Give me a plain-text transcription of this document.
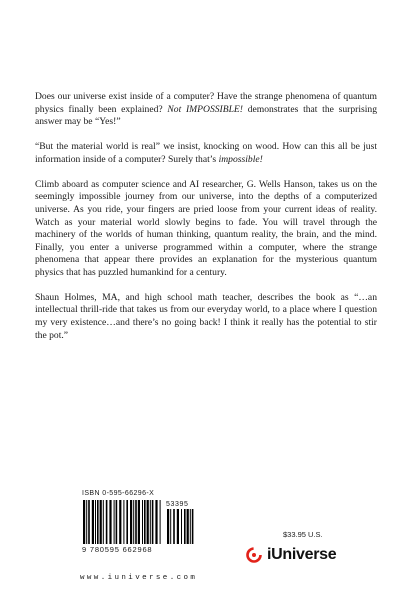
Does our universe exist inside of a computer? Have the strange phenomena of quantum physics finally been explained? Not IMPOSSIBLE! demonstrates that the surprising answer may be “Yes!”

“But the material world is real” we insist, knocking on wood. How can this all be just information inside of a computer? Surely that’s impossible!

Climb aboard as computer science and AI researcher, G. Wells Hanson, takes us on the seemingly impossible journey from our universe, into the depths of a computerized universe. As you ride, your fingers are pried loose from your current ideas of reality. Watch as your material world slowly begins to fade. You will travel through the machinery of the worlds of human thinking, quantum reality, the brain, and the mind. Finally, you enter a universe programmed within a computer, where the strange phenomena that appear there provides an explanation for the mysterious quantum physics that has puzzled humankind for a century.

Shaun Holmes, MA, and high school math teacher, describes the book as “…an intellectual thrill-ride that takes us from our everyday world, to a place where I question my very existence…and there’s no going back! I think it really has the potential to stir the pot.”

ISBN 0-595-66296-X
53395
9 780595 662968
$33.95 U.S.
iUniverse
www.iuniverse.com
